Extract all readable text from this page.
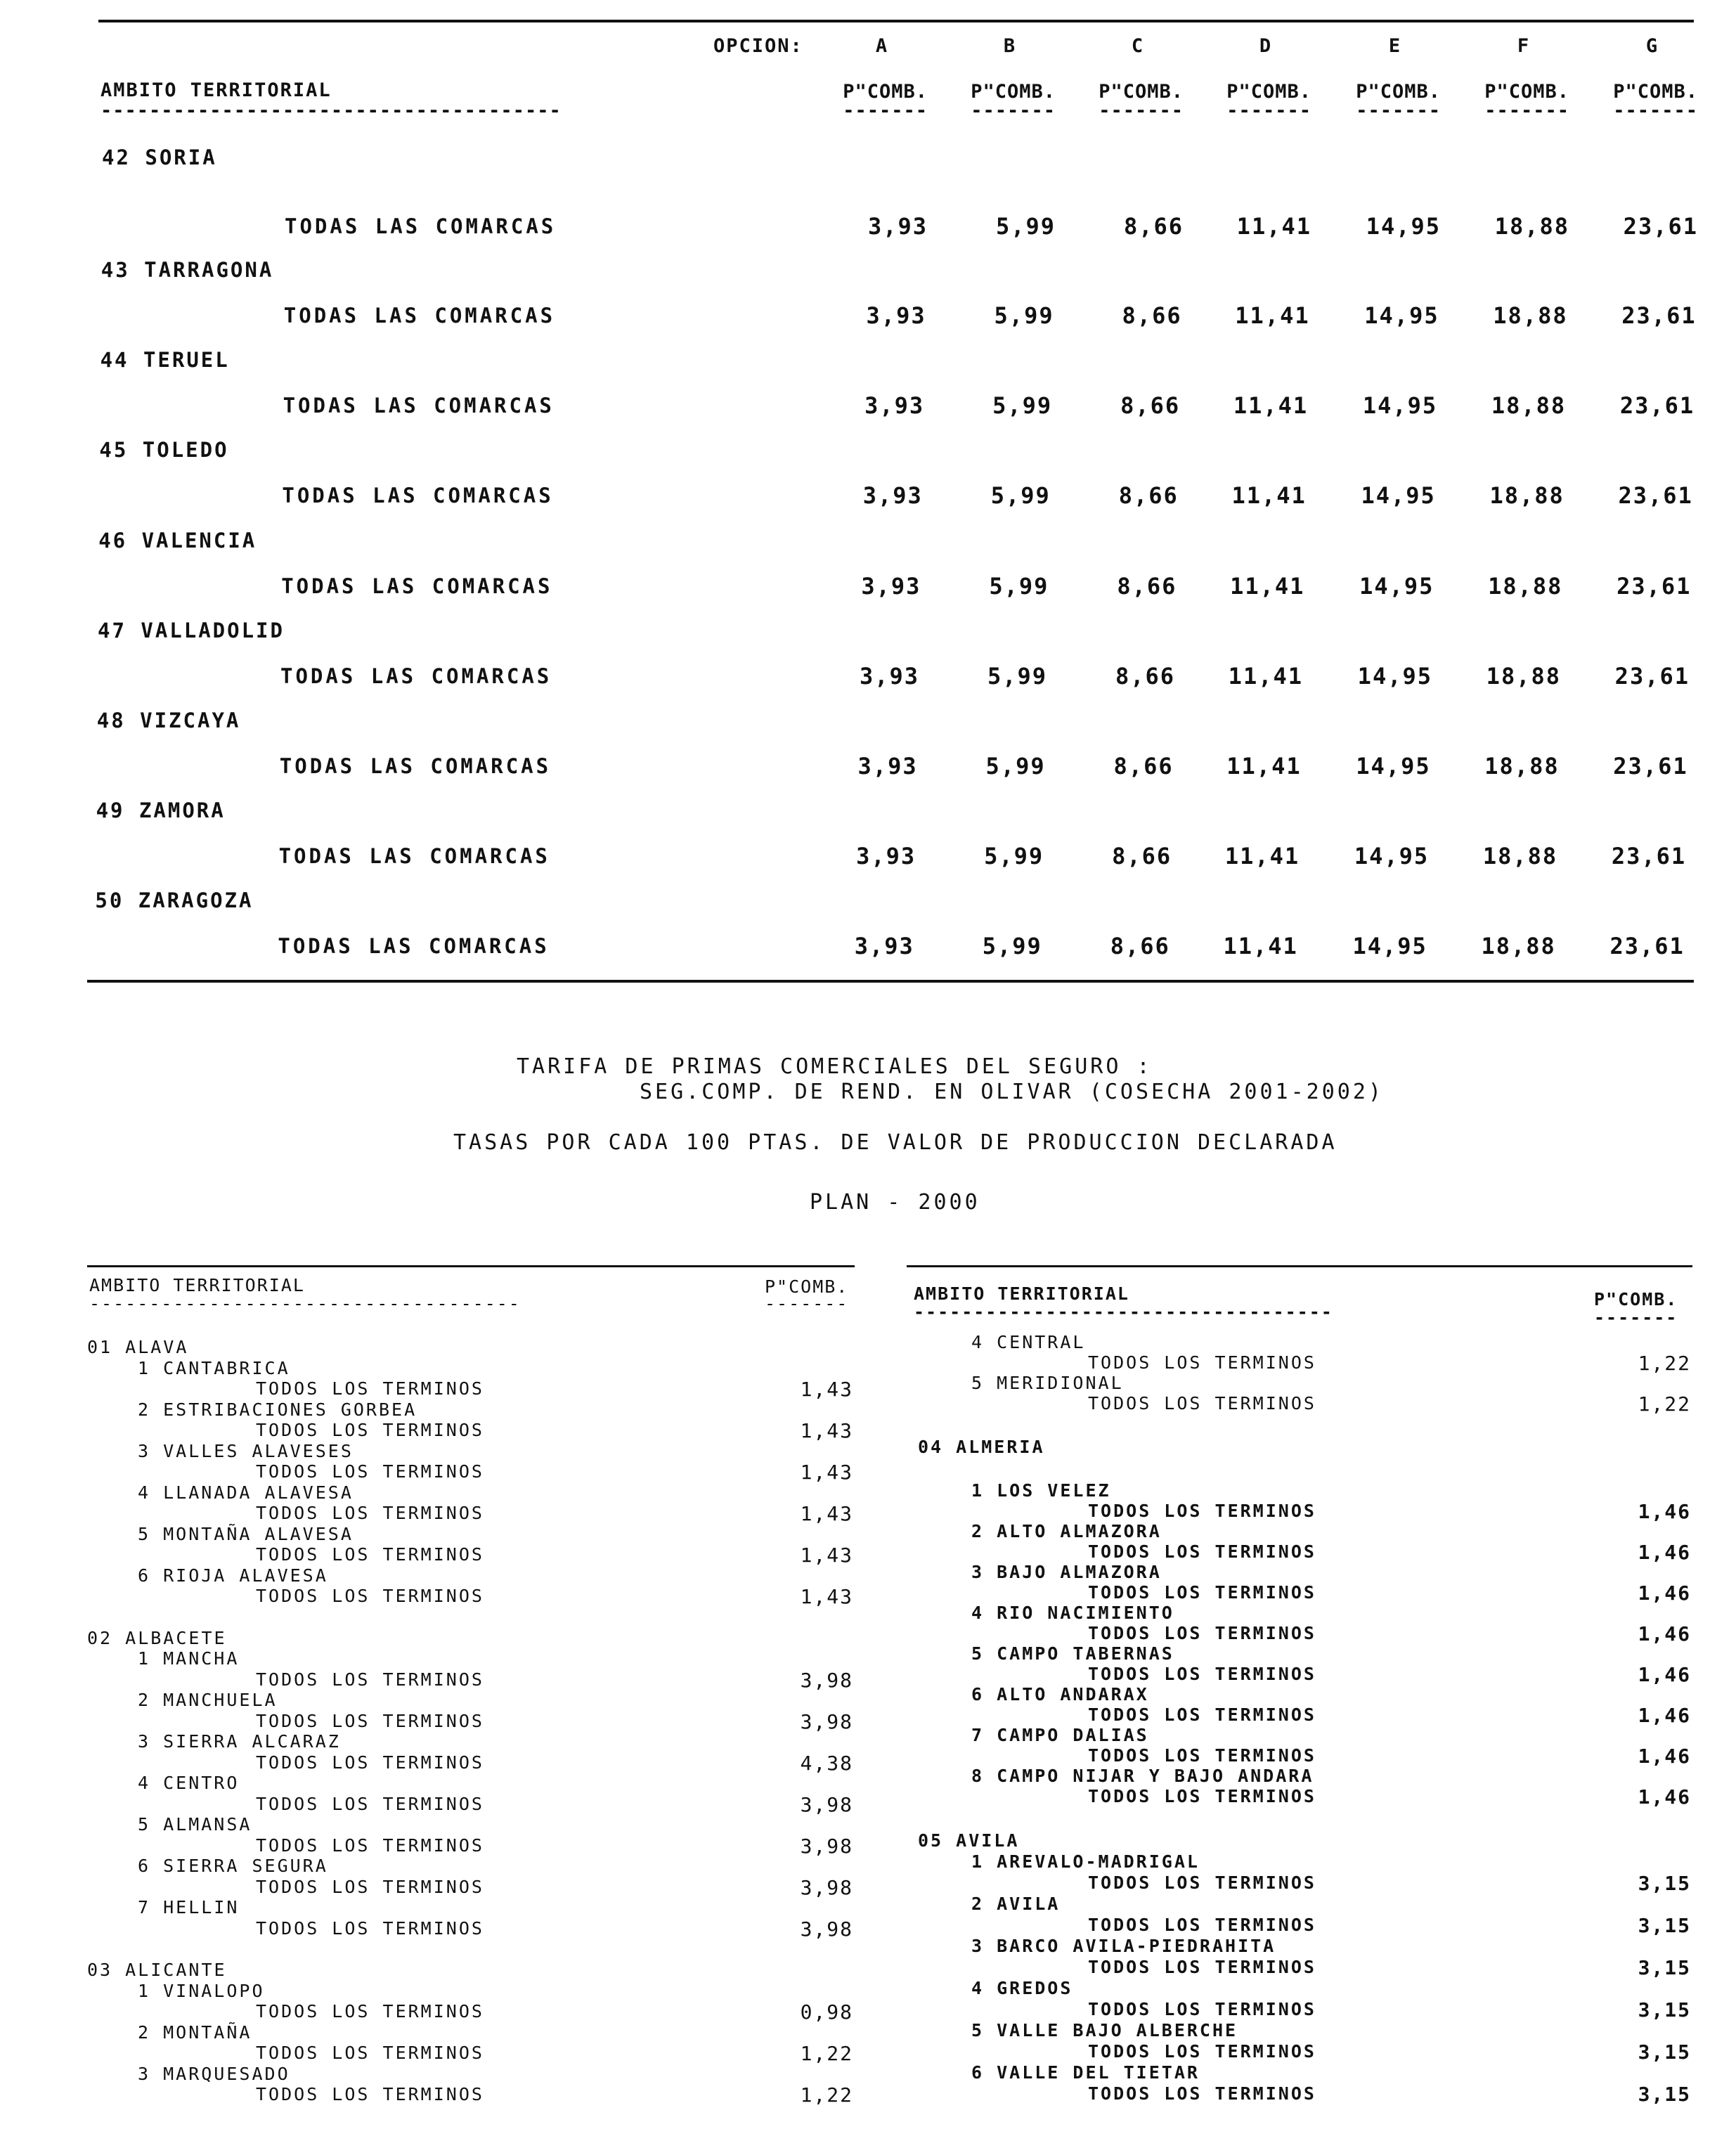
OPCION:	A	B	C	D	E	F	G
AMBITO TERRITORIAL
--------------------------------------
P"COMB.
-------
P"COMB.
-------
P"COMB.
-------
P"COMB.
-------
P"COMB.
-------
P"COMB.
-------
P"COMB.
-------
42 SORIA
TODAS LAS COMARCAS	3,93	5,99	8,66	11,41	14,95	18,88	23,61
43 TARRAGONA
TODAS LAS COMARCAS	3,93	5,99	8,66	11,41	14,95	18,88	23,61
44 TERUEL
TODAS LAS COMARCAS	3,93	5,99	8,66	11,41	14,95	18,88	23,61
45 TOLEDO
TODAS LAS COMARCAS	3,93	5,99	8,66	11,41	14,95	18,88	23,61
46 VALENCIA
TODAS LAS COMARCAS	3,93	5,99	8,66	11,41	14,95	18,88	23,61
47 VALLADOLID
TODAS LAS COMARCAS	3,93	5,99	8,66	11,41	14,95	18,88	23,61
48 VIZCAYA
TODAS LAS COMARCAS	3,93	5,99	8,66	11,41	14,95	18,88	23,61
49 ZAMORA
TODAS LAS COMARCAS	3,93	5,99	8,66	11,41	14,95	18,88	23,61
50 ZARAGOZA
TODAS LAS COMARCAS	3,93	5,99	8,66	11,41	14,95	18,88	23,61
TARIFA DE PRIMAS COMERCIALES DEL SEGURO :
SEG.COMP. DE REND. EN OLIVAR (COSECHA 2001-2002)
TASAS POR CADA 100 PTAS. DE VALOR DE PRODUCCION DECLARADA
PLAN - 2000
AMBITO TERRITORIAL
------------------------------------
P"COMB.
-------
01 ALAVA
1 CANTABRICA
TODOS LOS TERMINOS	1,43
2 ESTRIBACIONES GORBEA
TODOS LOS TERMINOS	1,43
3 VALLES ALAVESES
TODOS LOS TERMINOS	1,43
4 LLANADA ALAVESA
TODOS LOS TERMINOS	1,43
5 MONTAÑA ALAVESA
TODOS LOS TERMINOS	1,43
6 RIOJA ALAVESA
TODOS LOS TERMINOS	1,43
02 ALBACETE
1 MANCHA
TODOS LOS TERMINOS	3,98
2 MANCHUELA
TODOS LOS TERMINOS	3,98
3 SIERRA ALCARAZ
TODOS LOS TERMINOS	4,38
4 CENTRO
TODOS LOS TERMINOS	3,98
5 ALMANSA
TODOS LOS TERMINOS	3,98
6 SIERRA SEGURA
TODOS LOS TERMINOS	3,98
7 HELLIN
TODOS LOS TERMINOS	3,98
03 ALICANTE
1 VINALOPO
TODOS LOS TERMINOS	0,98
2 MONTAÑA
TODOS LOS TERMINOS	1,22
3 MARQUESADO
TODOS LOS TERMINOS	1,22
AMBITO TERRITORIAL
-----------------------------------
P"COMB.
-------
4 CENTRAL
TODOS LOS TERMINOS	1,22
5 MERIDIONAL
TODOS LOS TERMINOS	1,22
04 ALMERIA
1 LOS VELEZ
TODOS LOS TERMINOS	1,46
2 ALTO ALMAZORA
TODOS LOS TERMINOS	1,46
3 BAJO ALMAZORA
TODOS LOS TERMINOS	1,46
4 RIO NACIMIENTO
TODOS LOS TERMINOS	1,46
5 CAMPO TABERNAS
TODOS LOS TERMINOS	1,46
6 ALTO ANDARAX
TODOS LOS TERMINOS	1,46
7 CAMPO DALIAS
TODOS LOS TERMINOS	1,46
8 CAMPO NIJAR Y BAJO ANDARA
TODOS LOS TERMINOS	1,46
05 AVILA
1 AREVALO-MADRIGAL
TODOS LOS TERMINOS	3,15
2 AVILA
TODOS LOS TERMINOS	3,15
3 BARCO AVILA-PIEDRAHITA
TODOS LOS TERMINOS	3,15
4 GREDOS
TODOS LOS TERMINOS	3,15
5 VALLE BAJO ALBERCHE
TODOS LOS TERMINOS	3,15
6 VALLE DEL TIETAR
TODOS LOS TERMINOS	3,15
